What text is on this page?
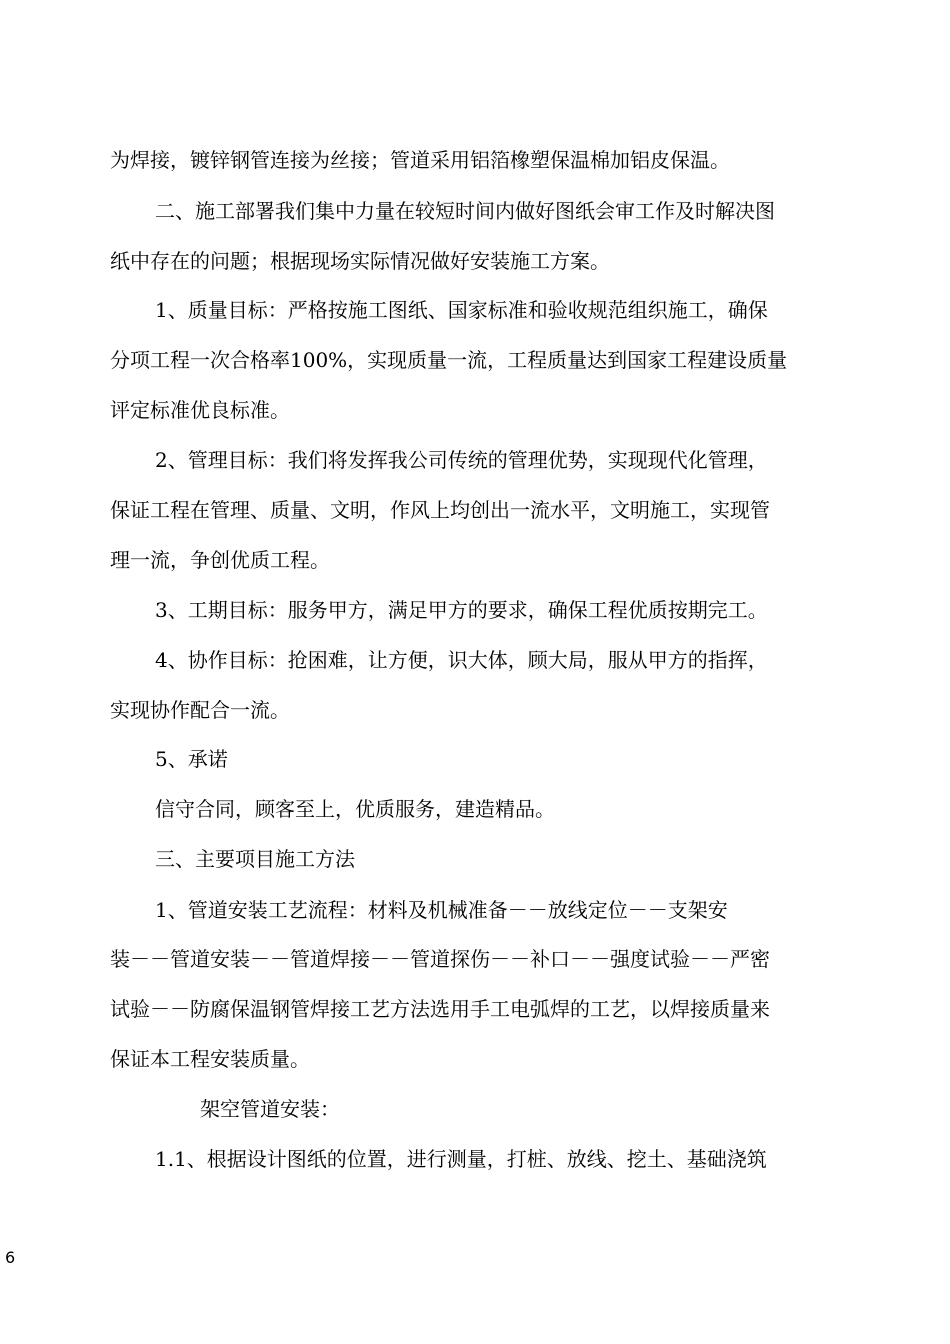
为焊接，镀锌钢管连接为丝接；管道采用铝箔橡塑保温棉加铝皮保温。
二、施工部署我们集中力量在较短时间内做好图纸会审工作及时解决图
纸中存在的问题；根据现场实际情况做好安装施工方案。
1、质量目标：严格按施工图纸、国家标准和验收规范组织施工，确保
分项工程一次合格率100%，实现质量一流，工程质量达到国家工程建设质量
评定标准优良标准。
2、管理目标：我们将发挥我公司传统的管理优势，实现现代化管理，
保证工程在管理、质量、文明，作风上均创出一流水平，文明施工，实现管
理一流，争创优质工程。
3、工期目标：服务甲方，满足甲方的要求，确保工程优质按期完工。
4、协作目标：抢困难，让方便，识大体，顾大局，服从甲方的指挥，
实现协作配合一流。
5、承诺
信守合同，顾客至上，优质服务，建造精品。
三、主要项目施工方法
1、管道安装工艺流程：材料及机械准备－－放线定位－－支架安
装－－管道安装－－管道焊接－－管道探伤－－补口－－强度试验－－严密
试验－－防腐保温钢管焊接工艺方法选用手工电弧焊的工艺，以焊接质量来
保证本工程安装质量。
架空管道安装：
1.1、根据设计图纸的位置，进行测量，打桩、放线、挖土、基础浇筑
6
